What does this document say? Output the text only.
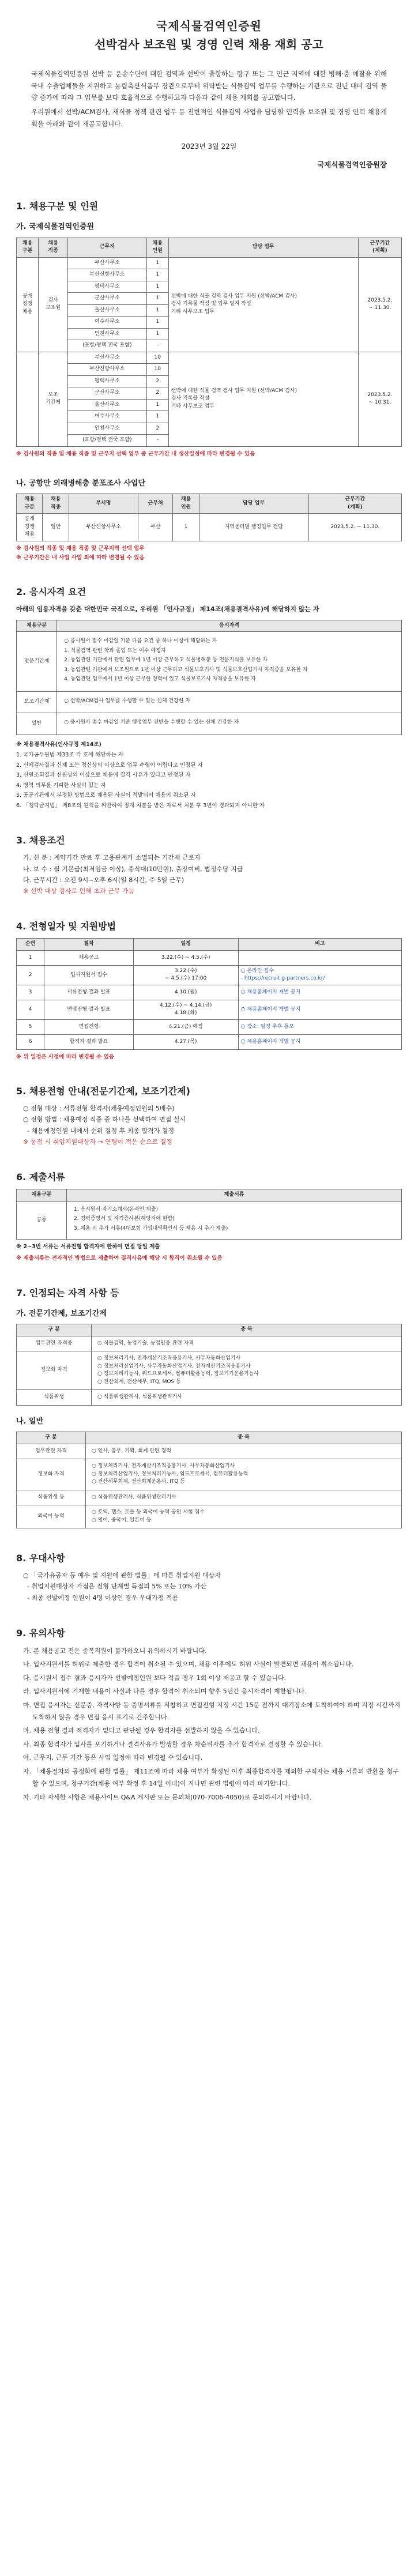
국제식물검역인증원
선박검사 보조원 및 경영 인력 채용 재회 공고

국제식물검역인증원 선박 등 운송수단에 대한 검역과 선박이 출항하는 항구 또는 그 인근 지역에 대한 병해·충 예찰을 위해 국내 수출업체들을 지원하고 농림축산식품부 장관으로부터 위탁받는 식물검역 업무를 수행하는 기관으로 전년 대비 검역 물량 증가에 따라 그 업무를 보다 효율적으로 수행하고자 다음과 같이 채용 재회를 공고합니다.

우리원에서 선박/ACM검사, 재식물 정책 관련 업무 등 전반적인 식물검역 사업을 담당할 인력을 보조원 및 경영 인력 채용계획을 아래와 같이 재공고합니다.

2023년 3월 22일
국제식물검역인증원장
1. 채용구분 및 인원
가. 국제식물검역인증원
채용
구분	채용
직종	근무지	채용
인원	담당 업무	근무기간
(계획)
공개
경쟁
채용	검사
보조원	부산사무소	1	선박에 대한 식물 검역 검사 업무 지원 (선박/ACM 검사)
검사 기록물 작성 및 업무 일지 작성
기타 사무보조 업무	2023.5.2.
~ 11.30.
		부산신항사무소	1		
		평택사무소	1		
		군산사무소	1		
		울산사무소	1		
		여수사무소	1		
		인천사무소	1		
		(포항/평택 전국 포함)	-		
	보조
기간제	부산사무소	10	선박에 대한 식물 검역 검사 업무 지원 (선박/ACM 검사)
검사 기록물 작성
기타 사무보조 업무	2023.5.2.
~ 10.31.
		부산신항사무소	10		
		평택사무소	2		
		군산사무소	2		
		울산사무소	1		
		여수사무소	1		
		인천사무소	2		
		(포항/평택 전국 포함)	-		
※ 검사원의 직종 및 채용 직종 및 근무지 선택 업무 중 근무기간 내 생산일정에 따라 변경될 수 있음
나. 공항만 외래병해충 분포조사 사업단
채용
구분	채용
직종	부서명	근무처	채용
인원	담당 업무	근무기간
(계획)
공개
경쟁
채용	일반	부산신항사무소	부산	1	지역센터별 행정업무 전담	2023.5.2. ~ 11.30.
※ 검사원의 직종 및 채용 직종 및 근무지역 선택 업무
※ 근무기간은 내 사업 사업 외에 따라 변경될 수 있음
2. 응시자격 요건
아래의 임용자격을 갖춘 대한민국 국적으로, 우리원 「인사규정」 제14조(채용결격사유)에 해당하지 않는 자
채용구분	응시자격
전문기간제	○ 응시원서 접수 마감일 기준 다음 요건 중 하나 이상에 해당하는 자
1. 식물검역 관련 학과 졸업 또는 이수 예정자
2. 농업관련 기관에서 관련 업무에 1년 이상 근무하고 식물병해충 등 전문지식을 보유한 자
3. 농업관련 기관에서 보조원으로 1년 이상 근무하고 식물보호기사 및 식물보호산업기사 자격증을 보유한 자
4. 농업관련 업무에서 1년 이상 근무한 경력이 있고 식물보호기사 자격증을 보유한 자

보조기간제	○ 선박/ACM검사 업무를 수행할 수 있는 신체 건강한 자

일반	○ 응시원서 접수 마감일 기준 행정업무 전반을 수행할 수 있는 신체 건강한 자
※ 채용결격사유(인사규정 제14조)
1. 국가공무원법 제33조 각 호에 해당하는 자
2. 신체검사결과 신체 또는 정신상의 이상으로 업무 수행이 어렵다고 인정된 자
3. 신원조회결과 신원상의 이상으로 채용에 결격 사유가 있다고 인정된 자
4. 병역 의무를 기피한 사실이 있는 자
5. 공공기관에서 부정한 방법으로 채용된 사실이 적발되어 채용이 취소된 자
6. 「청탁금지법」 제8조의 원칙을 위반하여 징계 처분을 받은 자로서 처분 후 3년이 경과되지 아니한 자
3. 채용조건
가. 신 분 : 계약기간 만료 후 고용관계가 소멸되는 기간제 근로자
나. 보 수 : 월 기본급(최저임금 이상), 중식대(10만원), 출장여비, 법정수당 지급
다. 근무시간 : 오전 9시~오후 6시(일 8시간, 주 5일 근무)
※ 선박 대상 검사로 인해 초과 근무 가능
4. 전형일자 및 지원방법
순번	절차	일정	비고
1	채용공고	3.22.(수) ~ 4.5.(수)	
2	입사지원서 접수	3.22.(수)
~ 4.5.(수) 17:00	○ 온라인 접수
- https://recruit.g-partners.co.kr/
3	서류전형 결과 발표	4.10.(월)	○ 채용홈페이지 개별 공지
4	면접전형 결과 발표	4.12.(수) ~ 4.14.(금)
4.18.(화)	○ 채용홈페이지 개별 공지
5	면접전형	4.21.(금) 예정	○ 장소: 일정 추후 통보
6	합격자 결과 발표	4.27.(목)	○ 채용홈페이지 개별 공지
※ 위 일정은 사정에 따라 변경될 수 있음
5. 채용전형 안내(전문기간제, 보조기간제)
○ 전형 대상 : 서류전형 합격자(채용예정인원의 5배수)
○ 전형 방법 : 채용예정 직종 중 하나를 선택하여 면접 실시
- 채용예정인원 내에서 순위 결정 후 최종 합격자 결정
※ 동점 시 취업지원대상자 → 연령이 적은 순으로 결정
6. 제출서류
채용구분	제출서류
공통	1. 응시원서·자기소개서(온라인 제출)
2. 경력증명서 및 자격증사본(해당자에 한함)
3. 채용 시 추가 서류(4대보험 가입내역확인서 등 채용 시 추가 제출)
※ 2~3번 서류는 서류전형 합격자에 한하여 면접 당일 제출
※ 제출서류는 전자적인 방법으로 제출하여 결격사유에 해당 시 합격이 취소될 수 있음
7. 인정되는 자격 사항 등
가. 전문기간제, 보조기간제
구 분	종 목
업무관련 자격증	○ 식물검역, 농업기술, 농업인증 관련 자격
정보화 자격	○ 정보처리기사, 전자계산기조직응용기사, 사무자동화산업기사
○ 정보처리산업기사, 사무자동화산업기사, 전자계산기조직응용기사
○ 정보처리기능사, 워드프로세서, 컴퓨터활용능력, 정보기기운용기능사
○ 전산회계, 전산세무, ITQ, MOS 등
식품위생	○ 식품위생관리사, 식품위생관리기사
나. 일반
구 분	종 목
업무관련 자격	○ 인사, 총무, 기획, 회계 관련 경력
정보화 자격	○ 정보처리기사, 전자계산기조직응용기사, 사무자동화산업기사
○ 정보처리산업기사, 정보처리기능사, 워드프로세서, 컴퓨터활용능력
○ 전산세무회계, 전산회계운용사, ITQ 등
식품위생 등	○ 식품위생관리사, 식품위생관리기사
외국어 능력	○ 토익, 텝스, 토플 등 외국어 능력 공인 시험 점수
○ 영어, 중국어, 일본어 등
8. 우대사항
○ 「국가유공자 등 예우 및 지원에 관한 법률」에 따른 취업지원 대상자
- 취업지원대상자 가점은 전형 단계별 득점의 5% 또는 10% 가산
- 최종 선발예정 인원이 4명 이상인 경우 우대가점 적용
9. 유의사항
가. 본 채용공고 전은 중복지원이 불가하오니 유의하시기 바랍니다.
나. 입사지원서를 허위로 제출한 경우 합격이 취소될 수 있으며, 채용 이후에도 허위 사실이 발견되면 채용이 취소됩니다.
다. 응시원서 접수 결과 응시자가 선발예정인원 보다 적을 경우 1회 이상 재공고 할 수 있습니다.
라. 입사지원서에 기재한 내용이 사실과 다를 경우 합격이 취소되며 향후 5년간 응시자격이 제한됩니다.
마. 면접 응시자는 신분증, 자격사항 등 증명서류를 지참하고 면접전형 지정 시간 15분 전까지 대기장소에 도착하여야 하며 지정 시간까지 도착하지 않을 경우 면접 응시 포기로 간주합니다.
바. 채용 전형 결과 적격자가 없다고 판단될 경우 합격자를 선발하지 않을 수 있습니다.
사. 최종 합격자가 입사를 포기하거나 결격사유가 발생할 경우 차순위자를 추가 합격자로 결정할 수 있습니다.
아. 근무지, 근무 기간 등은 사업 일정에 따라 변경될 수 있습니다.
자. 「채용절차의 공정화에 관한 법률」 제11조에 따라 채용 여부가 확정된 이후 최종합격자를 제외한 구직자는 채용 서류의 반환을 청구할 수 있으며, 청구기간(채용 여부 확정 후 14일 이내)이 지나면 관련 법령에 따라 파기합니다.
차. 기타 자세한 사항은 채용사이트 Q&A 게시판 또는 문의처(070-7006-4050)로 문의하시기 바랍니다.
